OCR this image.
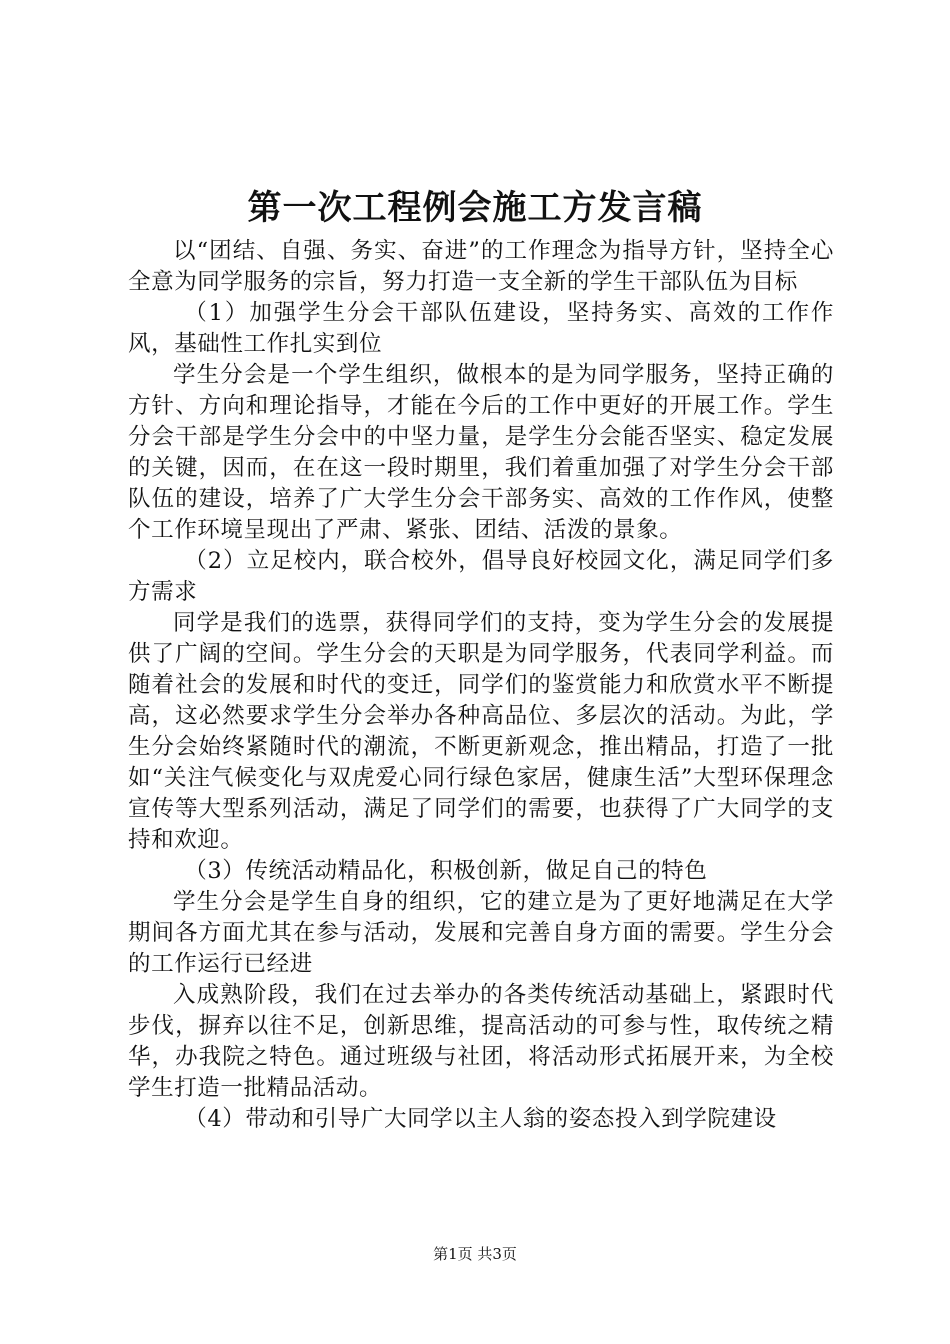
第一次工程例会施工方发言稿

以“团结、自强、务实、奋进”的工作理念为指导方针，坚持全心全意为同学服务的宗旨，努力打造一支全新的学生干部队伍为目标

（1）加强学生分会干部队伍建设，坚持务实、高效的工作作风，基础性工作扎实到位

学生分会是一个学生组织，做根本的是为同学服务，坚持正确的方针、方向和理论指导，才能在今后的工作中更好的开展工作。学生分会干部是学生分会中的中坚力量，是学生分会能否坚实、稳定发展的关键，因而，在在这一段时期里，我们着重加强了对学生分会干部队伍的建设，培养了广大学生分会干部务实、高效的工作作风，使整个工作环境呈现出了严肃、紧张、团结、活泼的景象。

（2）立足校内，联合校外，倡导良好校园文化，满足同学们多方需求

同学是我们的选票，获得同学们的支持，变为学生分会的发展提供了广阔的空间。学生分会的天职是为同学服务，代表同学利益。而随着社会的发展和时代的变迁，同学们的鉴赏能力和欣赏水平不断提高，这必然要求学生分会举办各种高品位、多层次的活动。为此，学生分会始终紧随时代的潮流，不断更新观念，推出精品，打造了一批如“关注气候变化与双虎爱心同行绿色家居，健康生活”大型环保理念宣传等大型系列活动，满足了同学们的需要，也获得了广大同学的支持和欢迎。

（3）传统活动精品化，积极创新，做足自己的特色

学生分会是学生自身的组织，它的建立是为了更好地满足在大学期间各方面尤其在参与活动，发展和完善自身方面的需要。学生分会的工作运行已经进

入成熟阶段，我们在过去举办的各类传统活动基础上，紧跟时代步伐，摒弃以往不足，创新思维，提高活动的可参与性，取传统之精华，办我院之特色。通过班级与社团，将活动形式拓展开来，为全校学生打造一批精品活动。

（4）带动和引导广大同学以主人翁的姿态投入到学院建设

第1页 共3页
